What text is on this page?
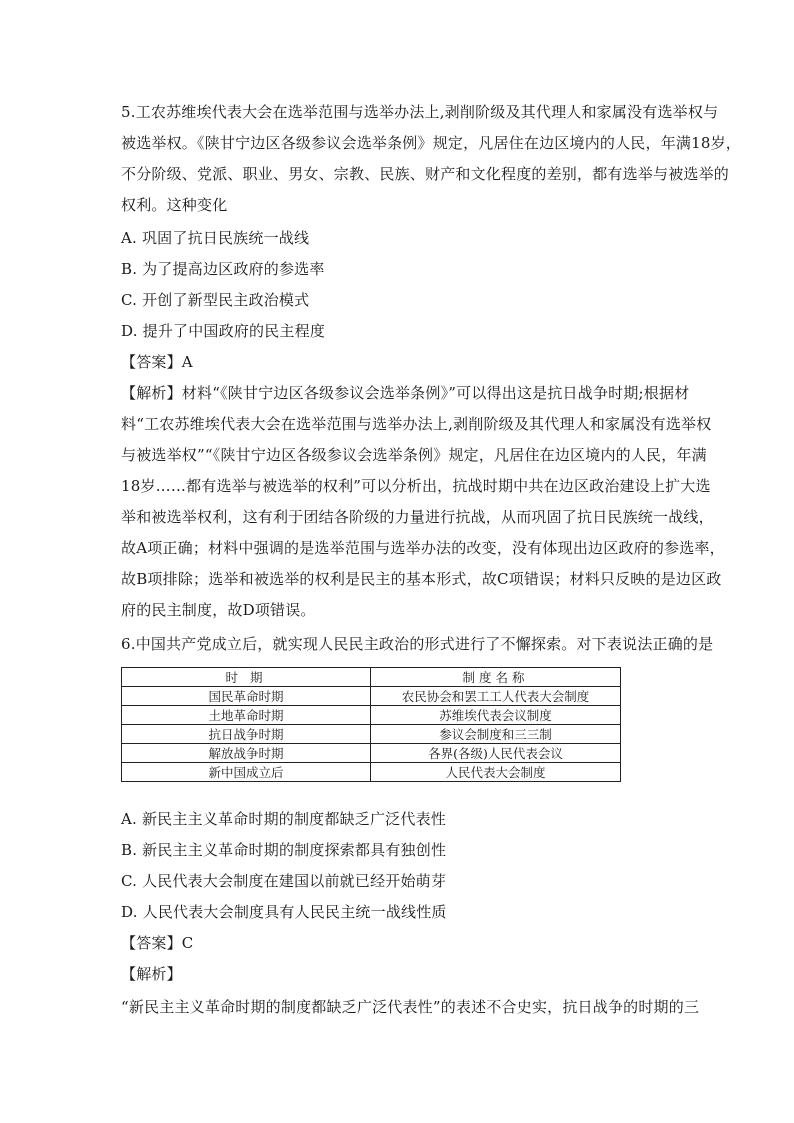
5.工农苏维埃代表大会在选举范围与选举办法上,剥削阶级及其代理人和家属没有选举权与
被选举权。《陕甘宁边区各级参议会选举条例》规定，凡居住在边区境内的人民，年满18岁，
不分阶级、党派、职业、男女、宗教、民族、财产和文化程度的差别，都有选举与被选举的
权利。这种变化
A. 巩固了抗日民族统一战线
B. 为了提高边区政府的参选率
C. 开创了新型民主政治模式
D. 提升了中国政府的民主程度
【答案】A
【解析】材料“《陕甘宁边区各级参议会选举条例》”可以得出这是抗日战争时期;根据材
料“工农苏维埃代表大会在选举范围与选举办法上,剥削阶级及其代理人和家属没有选举权
与被选举权”“《陕甘宁边区各级参议会选举条例》规定，凡居住在边区境内的人民，年满
18岁……都有选举与被选举的权利”可以分析出，抗战时期中共在边区政治建设上扩大选
举和被选举权利，这有利于团结各阶级的力量进行抗战，从而巩固了抗日民族统一战线，
故A项正确；材料中强调的是选举范围与选举办法的改变，没有体现出边区政府的参选率，
故B项排除；选举和被选举的权利是民主的基本形式，故C项错误；材料只反映的是边区政
府的民主制度，故D项错误。
6.中国共产党成立后，就实现人民民主政治的形式进行了不懈探索。对下表说法正确的是
时 期	制度名称
国民革命时期	农民协会和罢工工人代表大会制度
土地革命时期	苏维埃代表会议制度
抗日战争时期	参议会制度和三三制
解放战争时期	各界(各级)人民代表会议
新中国成立后	人民代表大会制度
A. 新民主主义革命时期的制度都缺乏广泛代表性
B. 新民主主义革命时期的制度探索都具有独创性
C. 人民代表大会制度在建国以前就已经开始萌芽
D. 人民代表大会制度具有人民民主统一战线性质
【答案】C
【解析】
“新民主主义革命时期的制度都缺乏广泛代表性”的表述不合史实，抗日战争的时期的三
